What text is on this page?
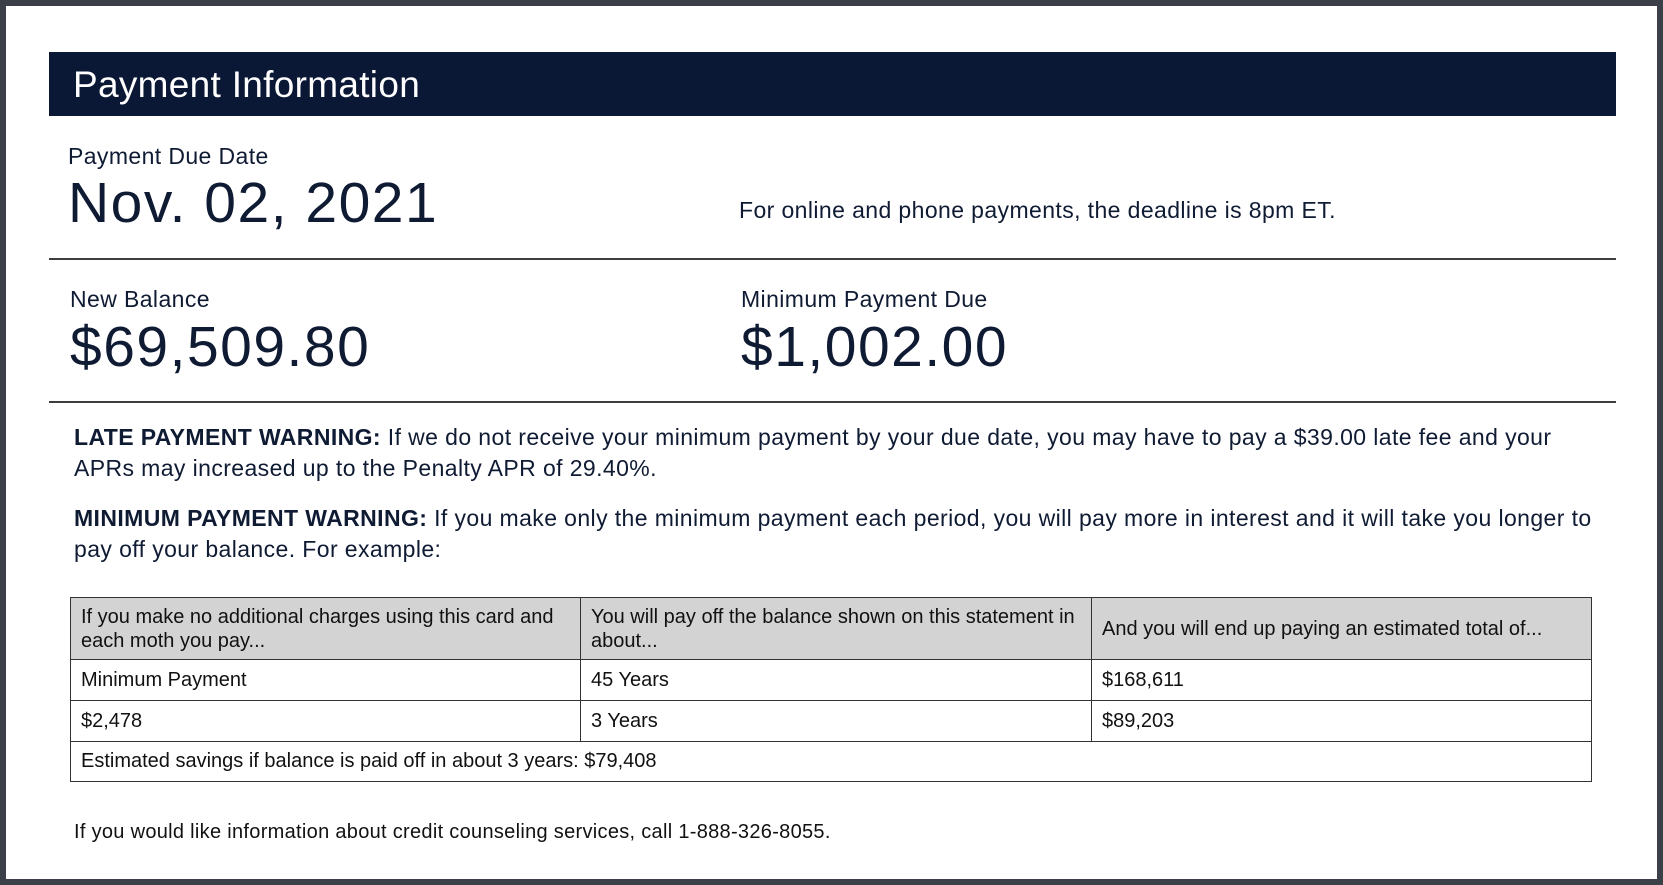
Payment Information
Payment Due Date
Nov. 02, 2021	For online and phone payments, the deadline is 8pm ET.
New Balance
$69,509.80
Minimum Payment Due
$1,002.00
LATE PAYMENT WARNING: If we do not receive your minimum payment by your due date, you may have to pay a $39.00 late fee and your APRs may increased up to the Penalty APR of 29.40%.
MINIMUM PAYMENT WARNING: If you make only the minimum payment each period, you will pay more in interest and it will take you longer to pay off your balance. For example:
If you make no additional charges using this card and each moth you pay...	You will pay off the balance shown on this statement in about...	And you will end up paying an estimated total of...
Minimum Payment	45 Years	$168,611
$2,478	3 Years	$89,203
Estimated savings if balance is paid off in about 3 years: $79,408		
If you would like information about credit counseling services, call 1-888-326-8055.
